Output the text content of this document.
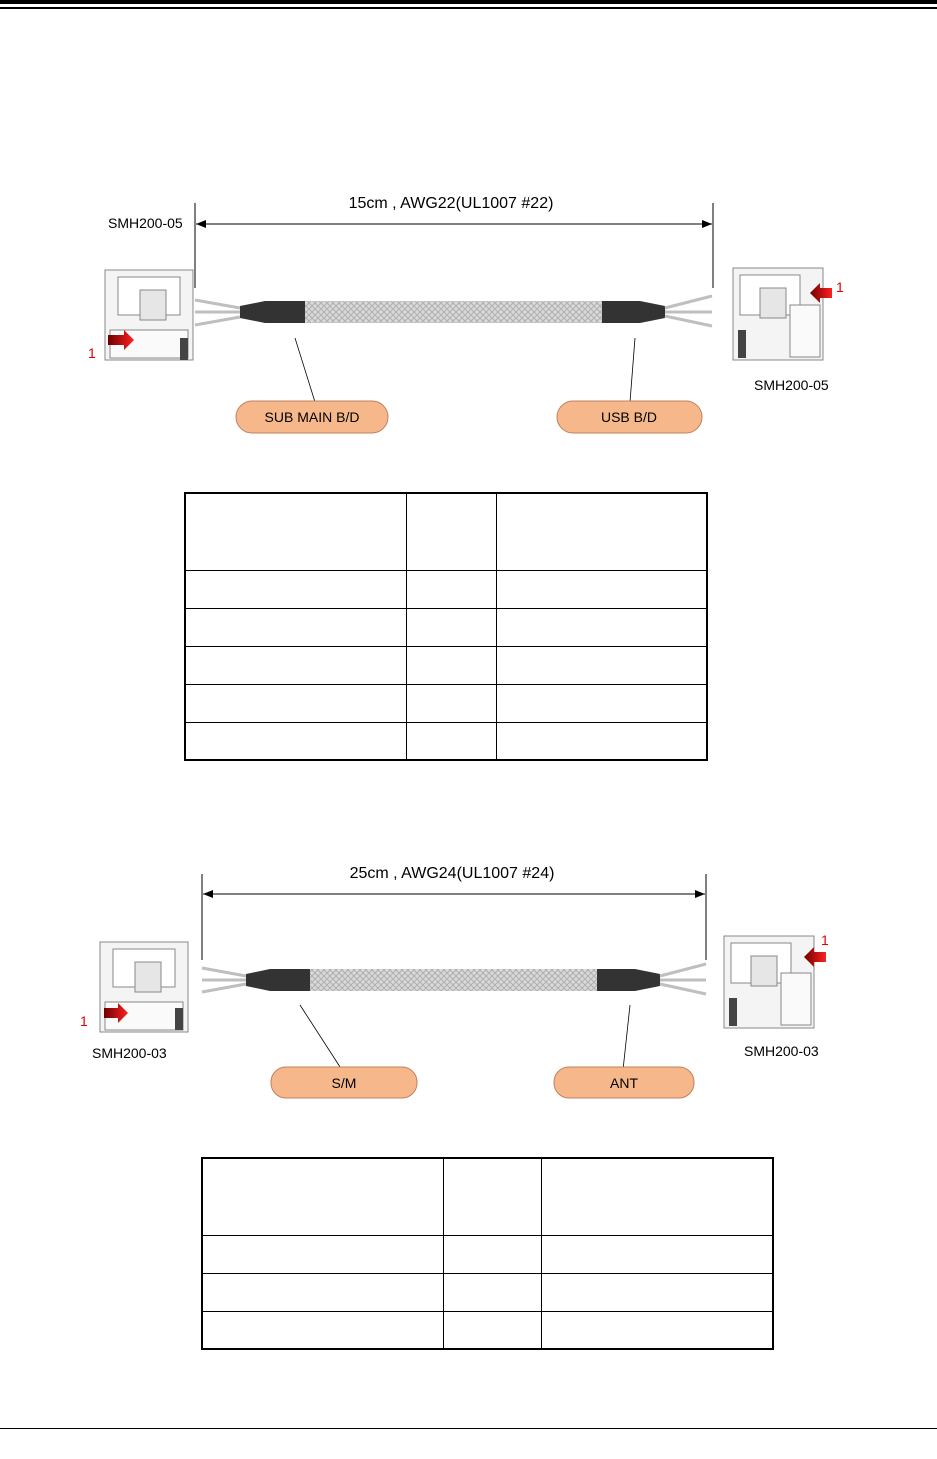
15cm , AWG22(UL1007 #22)
SMH200-05
SMH200-05
1
1
SUB MAIN B/D	USB B/D

25cm , AWG24(UL1007 #24)
1
SMH200-03
1
SMH200-03
S/M	ANT
